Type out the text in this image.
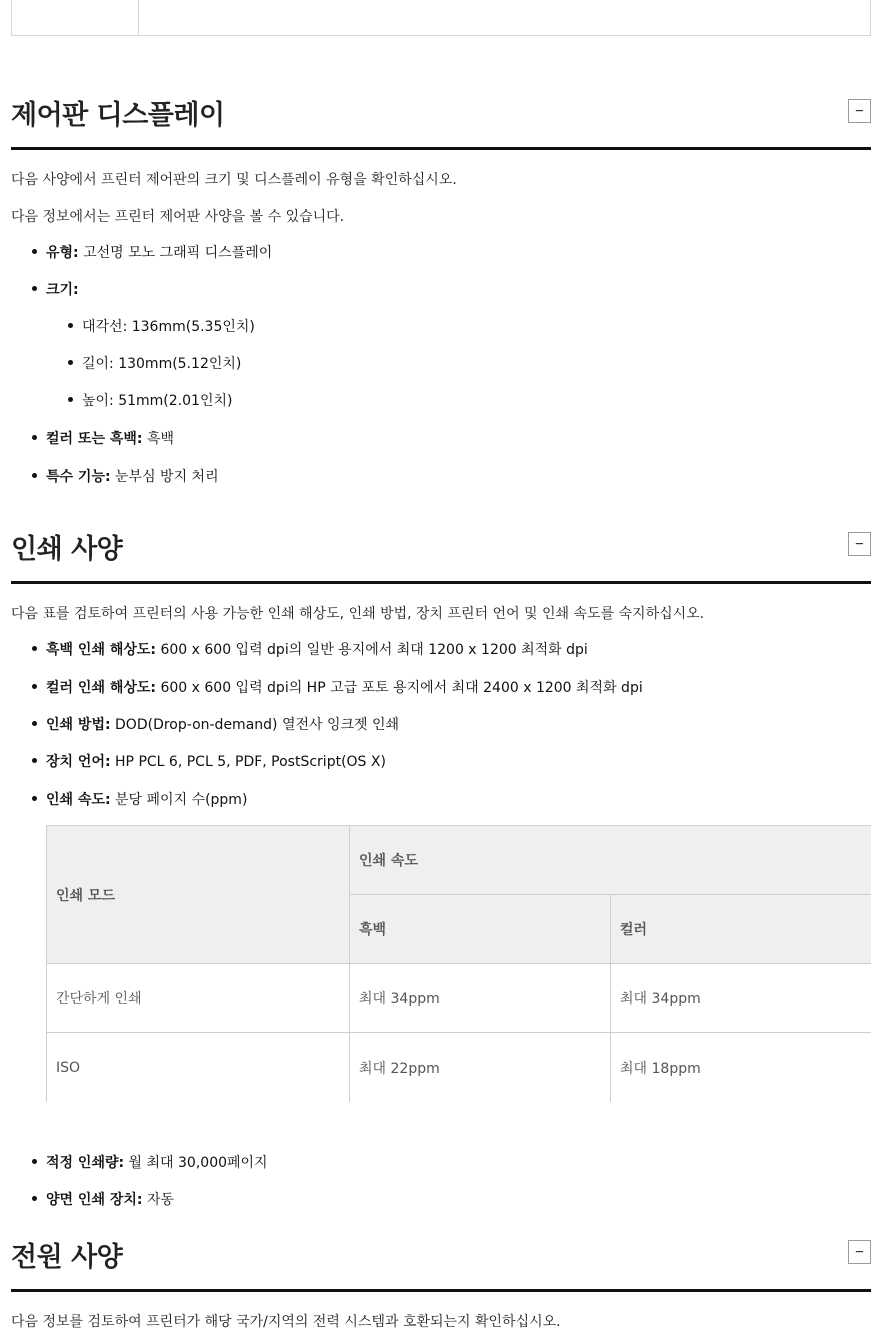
제어판 디스플레이	−

다음 사양에서 프린터 제어판의 크기 및 디스플레이 유형을 확인하십시오.

다음 정보에서는 프린터 제어판 사양을 볼 수 있습니다.

유형: 고선명 모노 그래픽 디스플레이

크기:

대각선: 136mm(5.35인치)

길이: 130mm(5.12인치)

높이: 51mm(2.01인치)

컬러 또는 흑백: 흑백

특수 기능: 눈부심 방지 처리

인쇄 사양	−

다음 표를 검토하여 프린터의 사용 가능한 인쇄 해상도, 인쇄 방법, 장치 프린터 언어 및 인쇄 속도를 숙지하십시오.

흑백 인쇄 해상도: 600 x 600 입력 dpi의 일반 용지에서 최대 1200 x 1200 최적화 dpi

컬러 인쇄 해상도: 600 x 600 입력 dpi의 HP 고급 포토 용지에서 최대 2400 x 1200 최적화 dpi

인쇄 방법: DOD(Drop-on-demand) 열전사 잉크젯 인쇄

장치 언어: HP PCL 6, PCL 5, PDF, PostScript(OS X)

인쇄 속도: 분당 페이지 수(ppm)

인쇄 모드
인쇄 속도
흑백	컬러
간단하게 인쇄	최대 34ppm	최대 34ppm
ISO	최대 22ppm	최대 18ppm

적정 인쇄량: 월 최대 30,000페이지

양면 인쇄 장치: 자동

전원 사양	−

다음 정보를 검토하여 프린터가 해당 국가/지역의 전력 시스템과 호환되는지 확인하십시오.
